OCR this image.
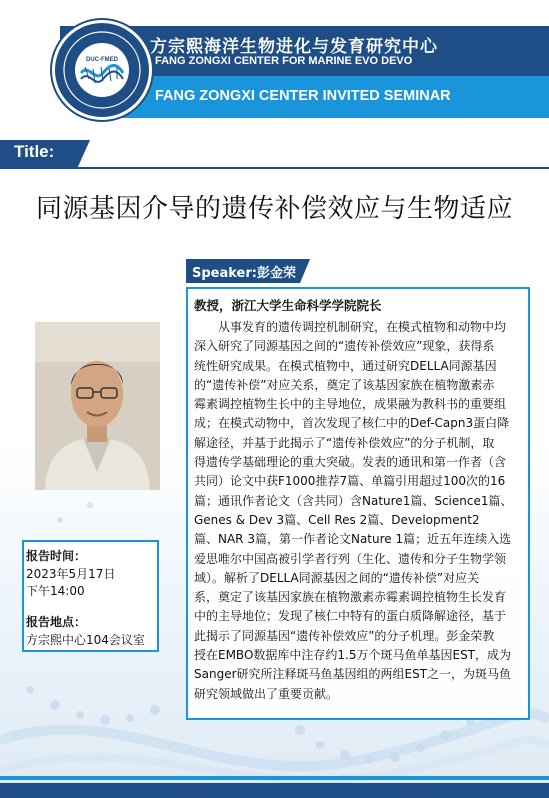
方宗熙海洋生物进化与发育研究中心
FANG ZONGXI CENTER FOR MARINE EVO DEVO
FANG ZONGXI CENTER INVITED SEMINAR
DUC-FMED
Title:
同源基因介导的遗传补偿效应与生物适应
Speaker:彭金荣
教授，浙江大学生命科学学院院长
从事发育的遗传调控机制研究，在模式植物和动物中均
深入研究了同源基因之间的“遗传补偿效应”现象，获得系
统性研究成果。在模式植物中，通过研究DELLA同源基因
的“遗传补偿”对应关系，奠定了该基因家族在植物激素赤
霉素调控植物生长中的主导地位，成果融为教科书的重要组
成；在模式动物中，首次发现了核仁中的Def-Capn3蛋白降
解途径，并基于此揭示了“遗传补偿效应”的分子机制，取
得遗传学基础理论的重大突破。发表的通讯和第一作者（含
共同）论文中获F1000推荐7篇、单篇引用超过100次的16
篇；通讯作者论文（含共同）含Nature1篇、Science1篇、
Genes & Dev 3篇、Cell Res 2篇、Development2
篇、NAR 3篇，第一作者论文Nature 1篇；近五年连续入选
爱思唯尔中国高被引学者行列（生化、遗传和分子生物学领
域）。解析了DELLA同源基因之间的“遗传补偿”对应关
系，奠定了该基因家族在植物激素赤霉素调控植物生长发育
中的主导地位；发现了核仁中特有的蛋白质降解途径，基于
此揭示了同源基因“遗传补偿效应”的分子机理。彭金荣教
授在EMBO数据库中注存约1.5万个斑马鱼单基因EST，成为
Sanger研究所注释斑马鱼基因组的两组EST之一，为斑马鱼
研究领域做出了重要贡献。
报告时间：
2023年5月17日
下午14:00
报告地点：
方宗熙中心104会议室
